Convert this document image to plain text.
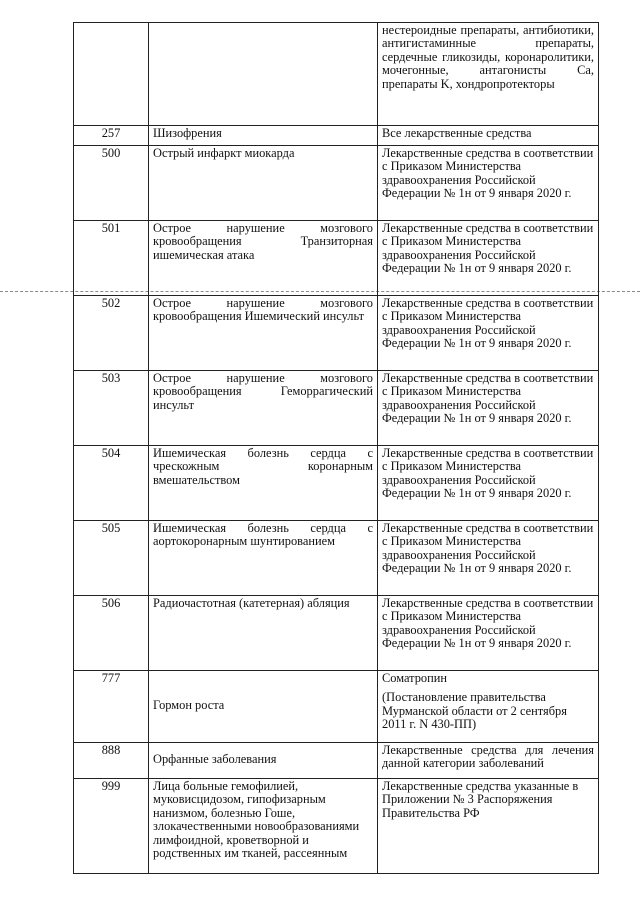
		нестероидные препараты, антибиотики, антигистаминные препараты, сердечные гликозиды, коронаролитики, мочегонные, антагонисты Ca, препараты K, хондропротекторы

257	Шизофрения	Все лекарственные средства

500	Острый инфаркт миокарда	Лекарственные средства в соответствии с Приказом Министерства здравоохранения Российской Федерации № 1н от 9 января 2020 г.

501	Острое нарушение мозгового кровообращения Транзиторная ишемическая атака	Лекарственные средства в соответствии с Приказом Министерства здравоохранения Российской Федерации № 1н от 9 января 2020 г.

502	Острое нарушение мозгового кровообращения Ишемический инсульт	Лекарственные средства в соответствии с Приказом Министерства здравоохранения Российской Федерации № 1н от 9 января 2020 г.

503	Острое нарушение мозгового кровообращения Геморрагический инсульт	Лекарственные средства в соответствии с Приказом Министерства здравоохранения Российской Федерации № 1н от 9 января 2020 г.

504	Ишемическая болезнь сердца с чрескожным коронарным вмешательством	Лекарственные средства в соответствии с Приказом Министерства здравоохранения Российской Федерации № 1н от 9 января 2020 г.

505	Ишемическая болезнь сердца с аортокоронарным шунтированием	Лекарственные средства в соответствии с Приказом Министерства здравоохранения Российской Федерации № 1н от 9 января 2020 г.

506	Радиочастотная (катетерная) абляция	Лекарственные средства в соответствии с Приказом Министерства здравоохранения Российской Федерации № 1н от 9 января 2020 г.

777	Гормон роста	Соматропин

(Постановление правительства Мурманской области от 2 сентября 2011 г. N 430-ПП)

888	Орфанные заболевания	Лекарственные средства для лечения данной категории заболеваний

999	Лица больные гемофилией, муковисцидозом, гипофизарным нанизмом, болезнью Гоше, злокачественными новообразованиями лимфоидной, кроветворной и родственных им тканей, рассеянным	Лекарственные средства указанные в Приложении № 3 Распоряжения Правительства РФ
